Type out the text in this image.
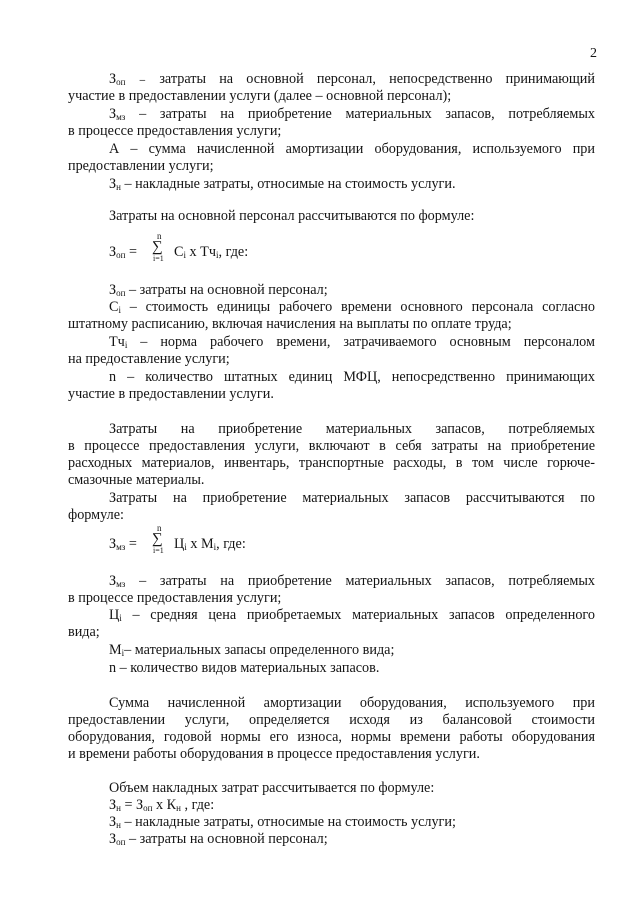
2
$З_{оп}$ ₋ затраты на основной персонал, непосредственно принимающий
участие в предоставлении услуги (далее – основной персонал);
$З_{мз}$ – затраты на приобретение материальных запасов, потребляемых
в процессе предоставления услуги;
А – сумма начисленной амортизации оборудования, используемого при
предоставлении услуги;
$З_н$ – накладные затраты, относимые на стоимость услуги.
Затраты на основной персонал рассчитываются по формуле:
$З_{оп}$ =
n
∑
i=1 $C_i$ x $Тч_i$, где:
$З_{оп}$ – затраты на основной персонал;
$С_i$ – стоимость единицы рабочего времени основного персонала согласно
штатному расписанию, включая начисления на выплаты по оплате труда;
$Тч_i$ – норма рабочего времени, затрачиваемого основным персоналом
на предоставление услуги;
n – количество штатных единиц МФЦ, непосредственно принимающих
участие в предоставлении услуги.
Затраты на приобретение материальных запасов, потребляемых
в процессе предоставления услуги, включают в себя затраты на приобретение
расходных материалов, инвентарь, транспортные расходы, в том числе горюче-
смазочные материалы.
Затраты на приобретение материальных запасов рассчитываются по
формуле:
$З_{мз}$ =
n
∑
i=1 $Ц_i$ x $М_i$, где:
$З_{мз}$ – затраты на приобретение материальных запасов, потребляемых
в процессе предоставления услуги;
$Ц_i$ – средняя цена приобретаемых материальных запасов определенного
вида;
$М_i-$ материальных запасы определенного вида;
n – количество видов материальных запасов.
Сумма начисленной амортизации оборудования, используемого при
предоставлении услуги, определяется исходя из балансовой стоимости
оборудования, годовой нормы его износа, нормы времени работы оборудования
и времени работы оборудования в процессе предоставления услуги.
Объем накладных затрат рассчитывается по формуле:
$З_н = З_{оп}$ x $К_н$ , где:
$З_н$ – накладные затраты, относимые на стоимость услуги;
$З_{оп}$ – затраты на основной персонал;
